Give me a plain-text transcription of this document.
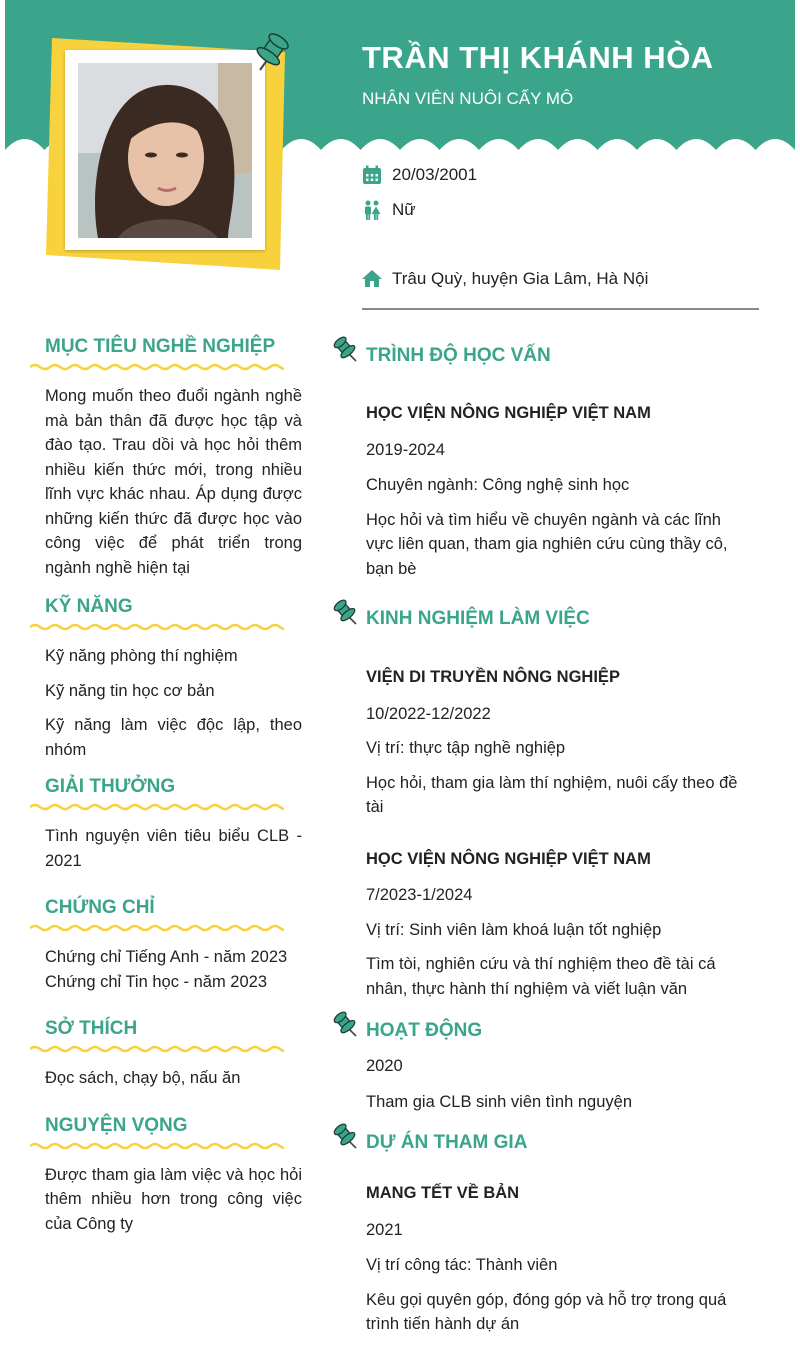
TRẦN THỊ KHÁNH HÒA
NHÂN VIÊN NUÔI CẤY MÔ
20/03/2001
Nữ
Trâu Quỳ, huyện Gia Lâm, Hà Nội
MỤC TIÊU NGHỀ NGHIỆP
Mong muốn theo đuổi ngành nghề mà bản thân đã được học tập và đào tạo. Trau dồi và học hỏi thêm nhiều kiến thức mới, trong nhiều lĩnh vực khác nhau. Áp dụng được những kiến thức đã được học vào công việc để phát triển trong ngành nghề hiện tại
KỸ NĂNG
Kỹ năng phòng thí nghiệm
Kỹ năng tin học cơ bản
Kỹ năng làm việc độc lập, theo nhóm
GIẢI THƯỞNG
Tình nguyện viên tiêu biểu CLB - 2021
CHỨNG CHỈ
Chứng chỉ Tiếng Anh - năm 2023
Chứng chỉ Tin học - năm 2023
SỞ THÍCH
Đọc sách, chạy bộ, nấu ăn
NGUYỆN VỌNG
Được tham gia làm việc và học hỏi thêm nhiều hơn trong công việc của Công ty
TRÌNH ĐỘ HỌC VẤN
HỌC VIỆN NÔNG NGHIỆP VIỆT NAM
2019-2024
Chuyên ngành: Công nghệ sinh học
Học hỏi và tìm hiểu về chuyên ngành và các lĩnh vực liên quan, tham gia nghiên cứu cùng thầy cô, bạn bè
KINH NGHIỆM LÀM VIỆC
VIỆN DI TRUYỀN NÔNG NGHIỆP
10/2022-12/2022
Vị trí: thực tập nghề nghiệp
Học hỏi, tham gia làm thí nghiệm, nuôi cấy theo đề tài
HỌC VIỆN NÔNG NGHIỆP VIỆT NAM
7/2023-1/2024
Vị trí: Sinh viên làm khoá luận tốt nghiệp
Tìm tòi, nghiên cứu và thí nghiệm theo đề tài cá nhân, thực hành thí nghiệm và viết luận văn
HOẠT ĐỘNG
2020
Tham gia CLB sinh viên tình nguyện
DỰ ÁN THAM GIA
MANG TẾT VỀ BẢN
2021
Vị trí công tác: Thành viên
Kêu gọi quyên góp, đóng góp và hỗ trợ trong quá trình tiến hành dự án
